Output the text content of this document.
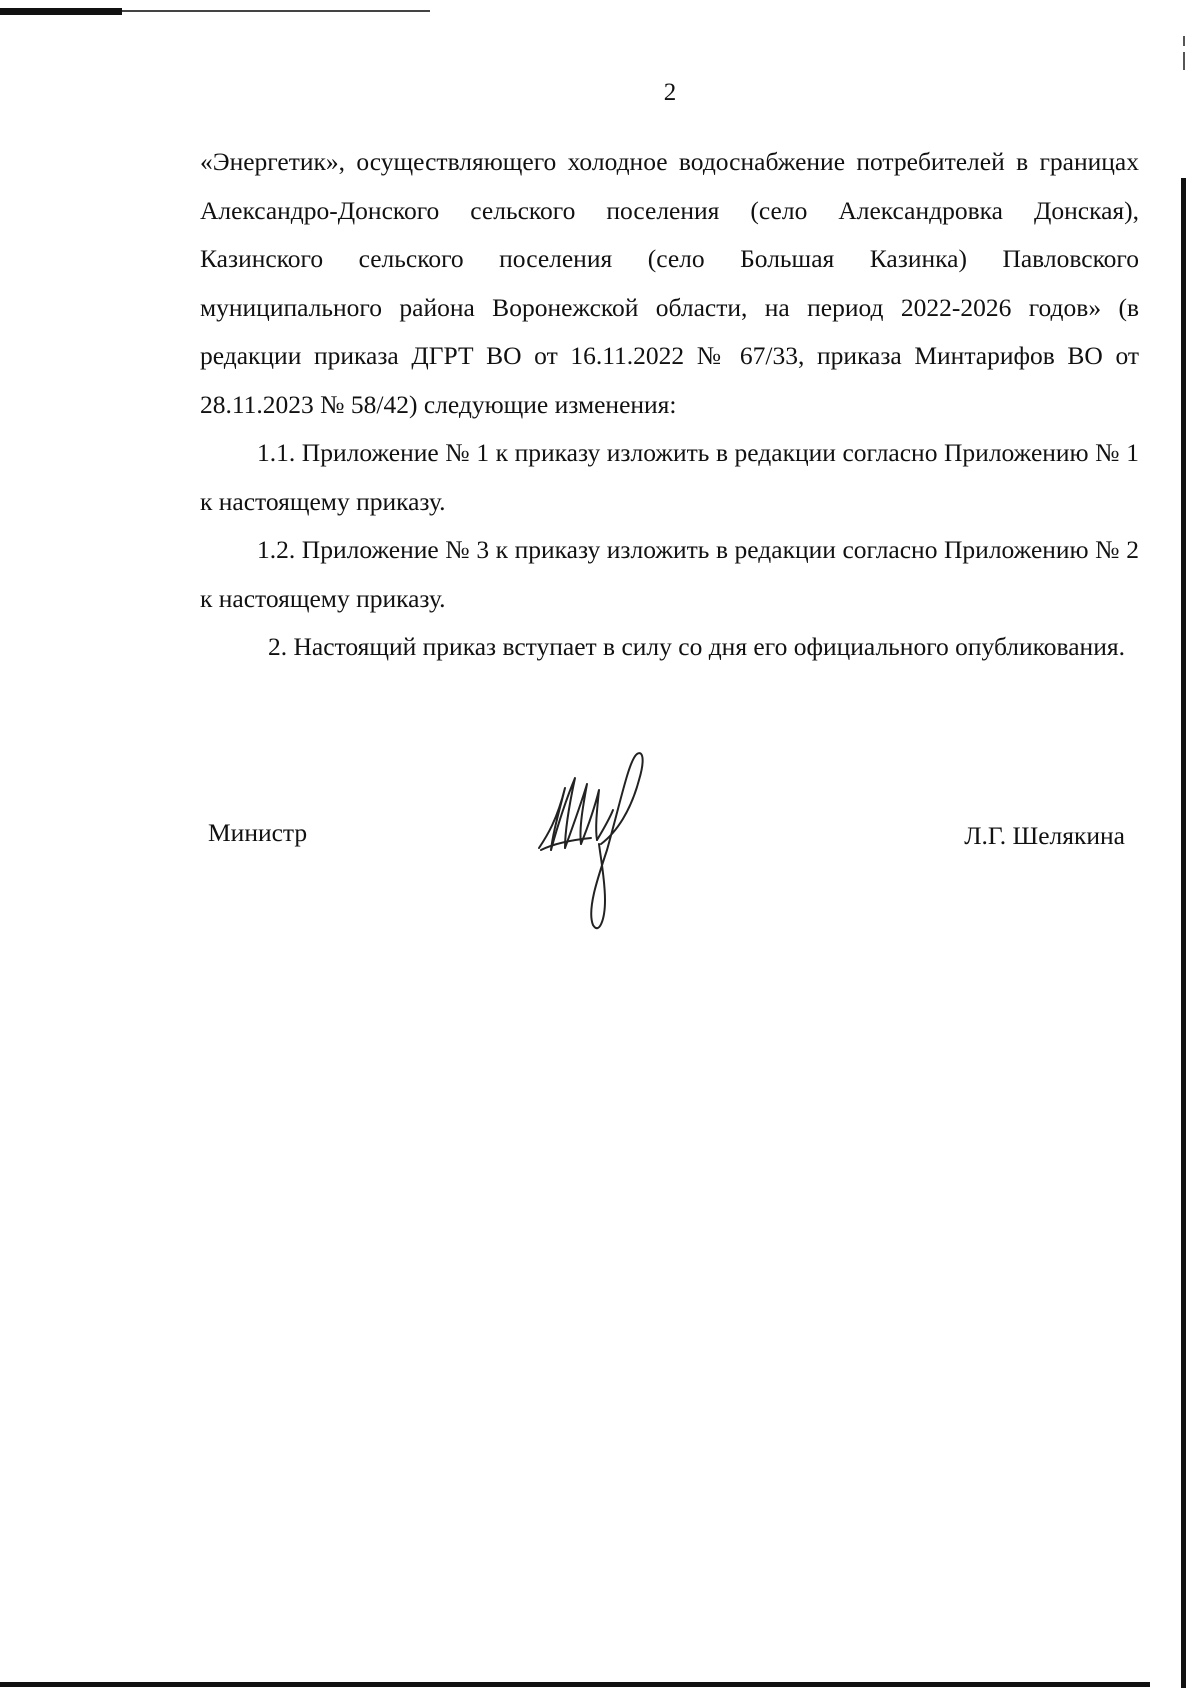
2

«Энергетик», осуществляющего холодное водоснабжение потребителей в границах Александро-Донского сельского поселения (село Александровка Донская), Казинского сельского поселения (село Большая Казинка) Павловского муниципального района Воронежской области, на период 2022-2026 годов» (в редакции приказа ДГРТ ВО от 16.11.2022 № 67/33, приказа Минтарифов ВО от 28.11.2023 № 58/42) следующие изменения:

1.1. Приложение № 1 к приказу изложить в редакции согласно Приложению № 1 к настоящему приказу.

1.2. Приложение № 3 к приказу изложить в редакции согласно Приложению № 2 к настоящему приказу.

2. Настоящий приказ вступает в силу со дня его официального опубликования.

Министр	Л.Г. Шелякина
